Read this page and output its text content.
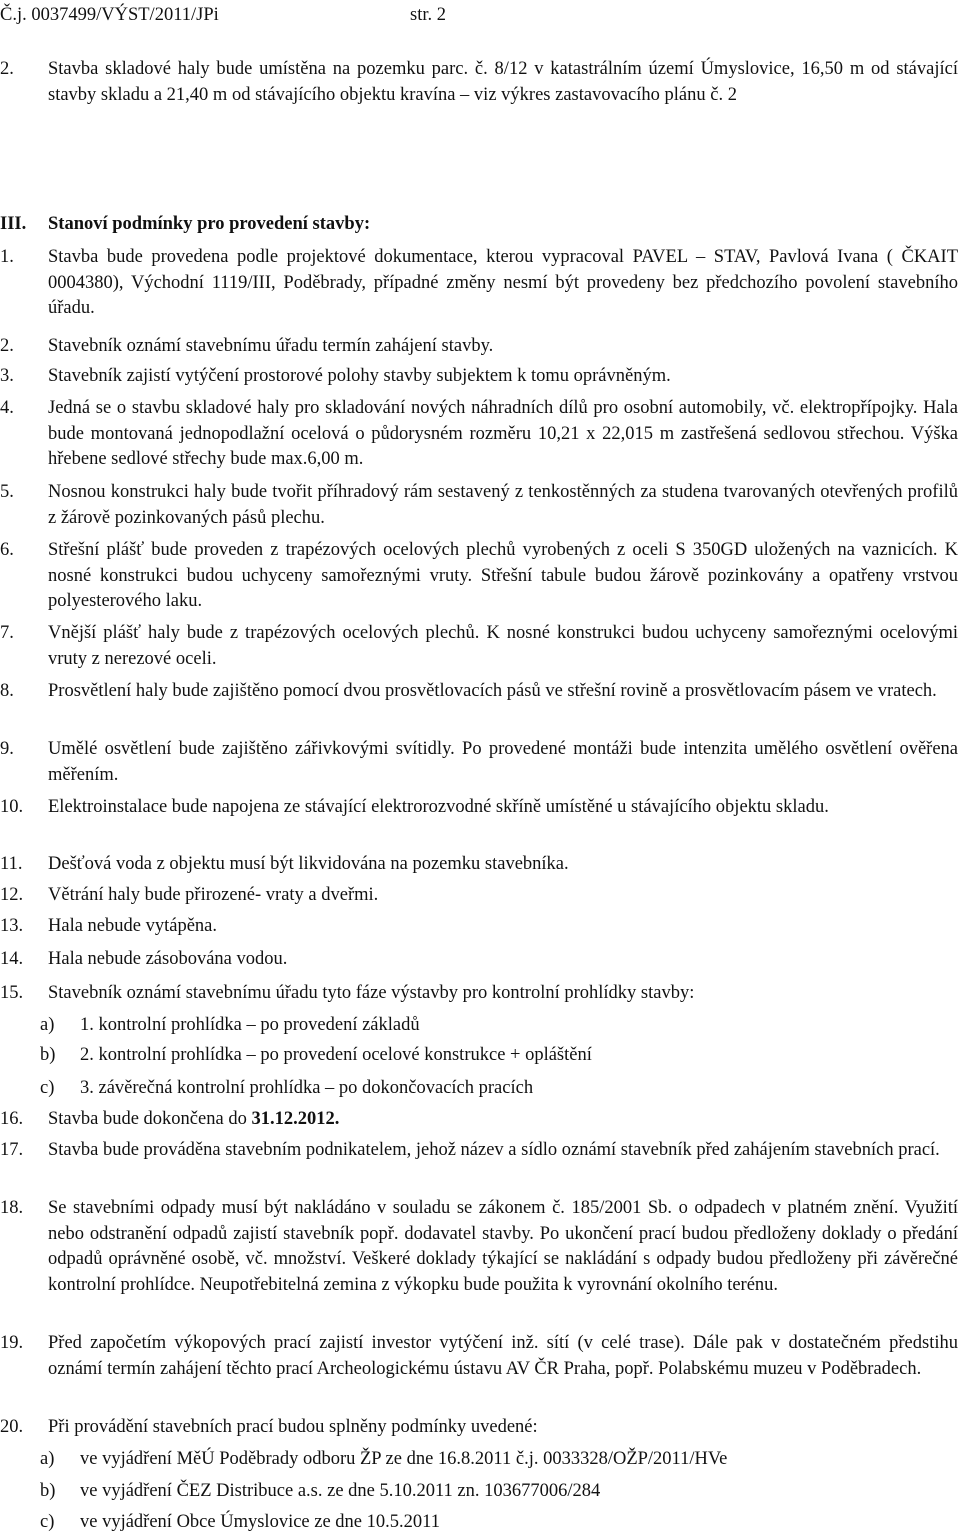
Č.j. 0037499/VÝST/2011/JPi	str. 2
2. Stavba skladové haly bude umístěna na pozemku parc. č. 8/12 v katastrálním území Úmyslovice, 16,50 m od stávající stavby skladu a 21,40 m od stávajícího objektu kravína – viz výkres zastavovacího plánu č. 2
III. Stanoví podmínky pro provedení stavby:
1. Stavba bude provedena podle projektové dokumentace, kterou vypracoval PAVEL – STAV, Pavlová Ivana ( ČKAIT 0004380), Východní 1119/III, Poděbrady, případné změny nesmí být provedeny bez předchozího povolení stavebního úřadu.
2. Stavebník oznámí stavebnímu úřadu termín zahájení stavby.
3. Stavebník zajistí vytýčení prostorové polohy stavby subjektem k tomu oprávněným.
4. Jedná se o stavbu skladové haly pro skladování nových náhradních dílů pro osobní automobily, vč. elektropřípojky. Hala bude montovaná jednopodlažní ocelová o půdorysném rozměru 10,21 x 22,015 m zastřešená sedlovou střechou. Výška hřebene sedlové střechy bude max.6,00 m.
5. Nosnou konstrukci haly bude tvořit příhradový rám sestavený z tenkostěnných za studena tvarovaných otevřených profilů z žárově pozinkovaných pásů plechu.
6. Střešní plášť bude proveden z trapézových ocelových plechů vyrobených z oceli S 350GD uložených na vaznicích. K nosné konstrukci budou uchyceny samořeznými vruty. Střešní tabule budou žárově pozinkovány a opatřeny vrstvou polyesterového laku.
7. Vnější plášť haly bude z trapézových ocelových plechů. K nosné konstrukci budou uchyceny samořeznými ocelovými vruty z nerezové oceli.
8. Prosvětlení haly bude zajištěno pomocí dvou prosvětlovacích pásů ve střešní rovině a prosvětlovacím pásem ve vratech.
9. Umělé osvětlení bude zajištěno zářivkovými svítidly. Po provedené montáži bude intenzita umělého osvětlení ověřena měřením.
10. Elektroinstalace bude napojena ze stávající elektrorozvodné skříně umístěné u stávajícího objektu skladu.
11. Dešťová voda z objektu musí být likvidována na pozemku stavebníka.
12. Větrání haly bude přirozené- vraty a dveřmi.
13. Hala nebude vytápěna.
14. Hala nebude zásobována vodou.
15. Stavebník oznámí stavebnímu úřadu tyto fáze výstavby pro kontrolní prohlídky stavby:
a) 1. kontrolní prohlídka – po provedení základů
b) 2. kontrolní prohlídka – po provedení ocelové konstrukce + opláštění
c) 3. závěrečná kontrolní prohlídka – po dokončovacích pracích
16. Stavba bude dokončena do 31.12.2012.
17. Stavba bude prováděna stavebním podnikatelem, jehož název a sídlo oznámí stavebník před zahájením stavebních prací.
18. Se stavebními odpady musí být nakládáno v souladu se zákonem č. 185/2001 Sb. o odpadech v platném znění. Využití nebo odstranění odpadů zajistí stavebník popř. dodavatel stavby. Po ukončení prací budou předloženy doklady o předání odpadů oprávněné osobě, vč. množství. Veškeré doklady týkající se nakládání s odpady budou předloženy při závěrečné kontrolní prohlídce. Neupotřebitelná zemina z výkopku bude použita k vyrovnání okolního terénu.
19. Před započetím výkopových prací zajistí investor vytýčení inž. sítí (v celé trase). Dále pak v dostatečném předstihu oznámí termín zahájení těchto prací Archeologickému ústavu AV ČR Praha, popř. Polabskému muzeu v Poděbradech.
20. Při provádění stavebních prací budou splněny podmínky uvedené:
a) ve vyjádření MěÚ Poděbrady odboru ŽP ze dne 16.8.2011 č.j. 0033328/OŽP/2011/HVe
b) ve vyjádření ČEZ Distribuce a.s. ze dne 5.10.2011 zn. 103677006/284
c) ve vyjádření Obce Úmyslovice ze dne 10.5.2011
